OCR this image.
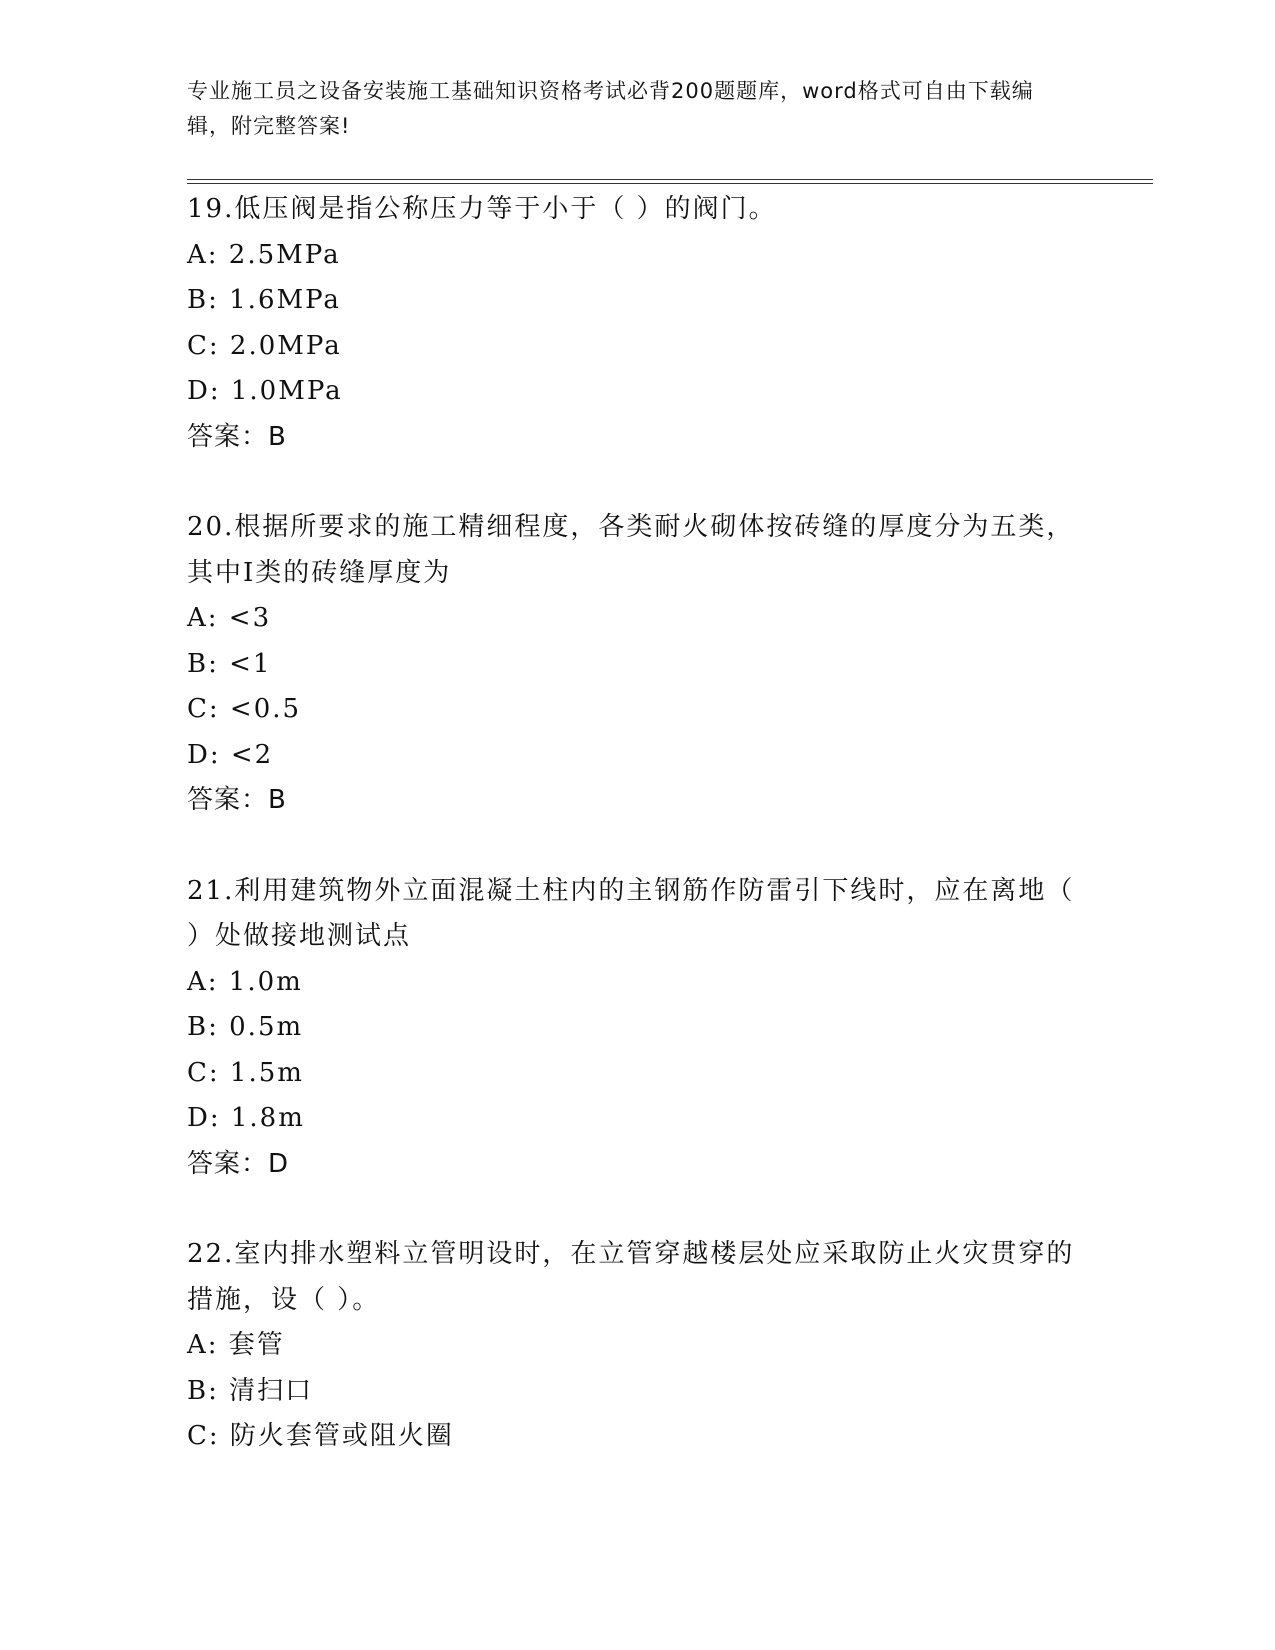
专业施工员之设备安装施工基础知识资格考试必背200题题库，word格式可自由下载编辑，附完整答案!
19.低压阀是指公称压力等于小于（ ）的阀门。
A: 2.5MPa
B: 1.6MPa
C: 2.0MPa
D: 1.0MPa
答案：B
20.根据所要求的施工精细程度，各类耐火砌体按砖缝的厚度分为五类，其中Ⅰ类的砖缝厚度为
A: <3
B: <1
C: <0.5
D: <2
答案：B
21.利用建筑物外立面混凝土柱内的主钢筋作防雷引下线时，应在离地（ ）处做接地测试点
A: 1.0m
B: 0.5m
C: 1.5m
D: 1.8m
答案：D
22.室内排水塑料立管明设时，在立管穿越楼层处应采取防止火灾贯穿的措施，设（ ）。
A: 套管
B: 清扫口
C: 防火套管或阻火圈
